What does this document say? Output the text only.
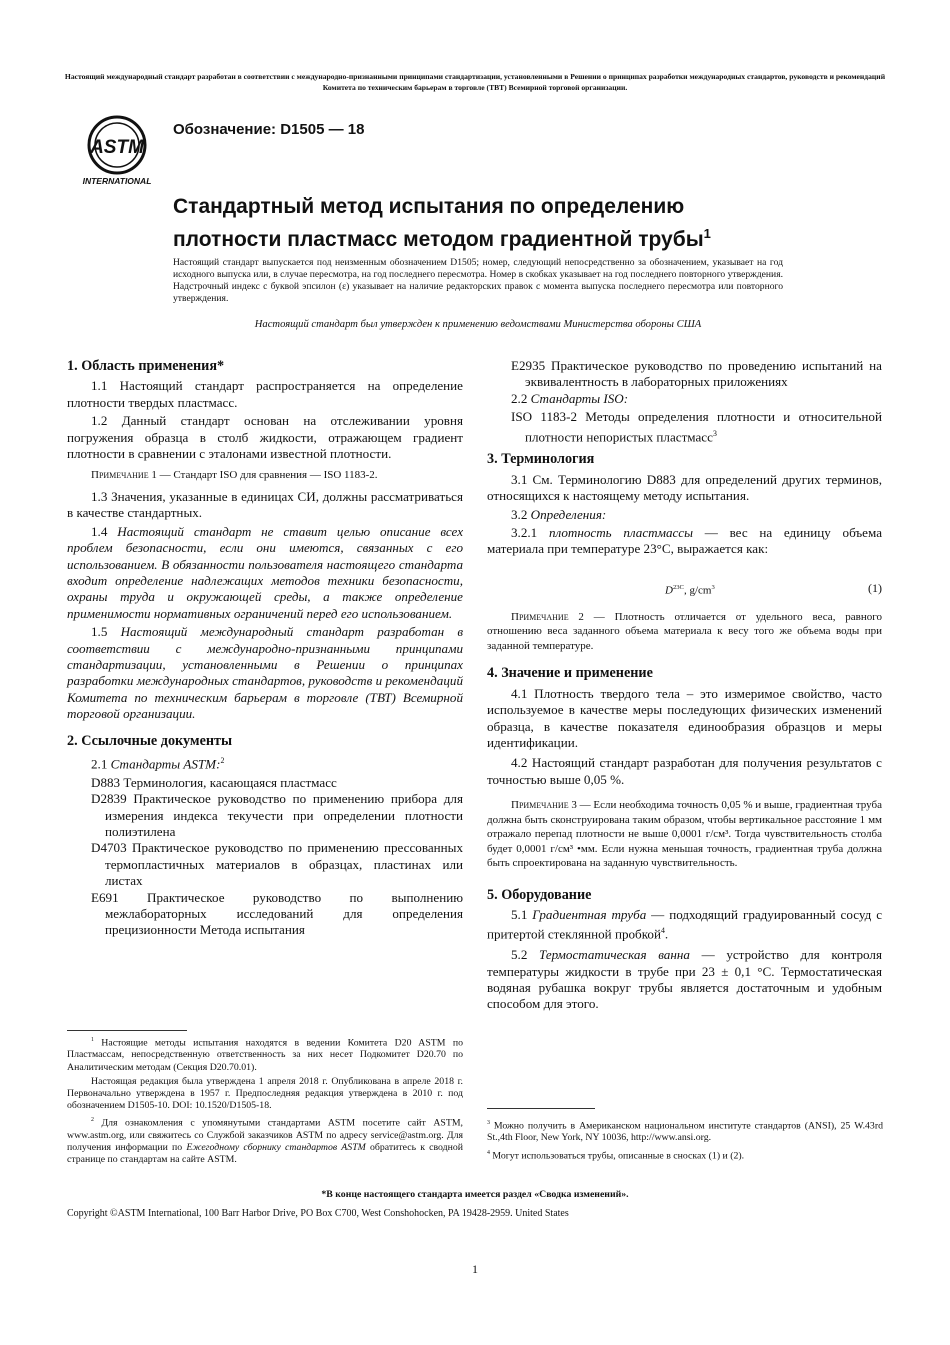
Настоящий международный стандарт разработан в соответствии с международно-признанными принципами стандартизации, установленными в Решении о принципах разработки международных стандартов, руководств и рекомендаций Комитета по техническим барьерам в торговле (ТВТ) Всемирной торговой организации.
ASTM
INTERNATIONAL
Обозначение: D1505 — 18
Стандартный метод испытания по определению плотности пластмасс методом градиентной трубы$^1$
Настоящий стандарт выпускается под неизменным обозначением D1505; номер, следующий непосредственно за обозначением, указывает на год исходного выпуска или, в случае пересмотра, на год последнего пересмотра. Номер в скобках указывает на год последнего повторного утверждения. Надстрочный индекс с буквой эпсилон (ε) указывает на наличие редакторских правок с момента выпуска последнего пересмотра или повторного утверждения.
Настоящий стандарт был утвержден к применению ведомствами Министерства обороны США
1. Область применения*

1.1 Настоящий стандарт распространяется на определение плотности твердых пластмасс.

1.2 Данный стандарт основан на отслеживании уровня погружения образца в столб жидкости, отражающем градиент плотности в сравнении с эталонами известной плотности.

Примечание 1 — Стандарт ISO для сравнения — ISO 1183-2.

1.3 Значения, указанные в единицах СИ, должны рассматриваться в качестве стандартных.

1.4 Настоящий стандарт не ставит целью описание всех проблем безопасности, если они имеются, связанных с его использованием. В обязанности пользователя настоящего стандарта входит определение надлежащих методов техники безопасности, охраны труда и окружающей среды, а также определение применимости нормативных ограничений перед его использованием.

1.5 Настоящий международный стандарт разработан в соответствии с международно-признанными принципами стандартизации, установленными в Решении о принципах разработки международных стандартов, руководств и рекомендаций Комитета по техническим барьерам в торговле (ТВТ) Всемирной торговой организации.

2. Ссылочные документы

2.1 Стандарты ASTM:$^2$

D883 Терминология, касающаяся пластмасс

D2839 Практическое руководство по применению прибора для измерения индекса текучести при определении плотности полиэтилена

D4703 Практическое руководство по применению прессованных термопластичных материалов в образцах, пластинах или листах

E691 Практическое руководство по выполнению межлабораторных исследований для определения прецизионности Метода испытания

$^1$ Настоящие методы испытания находятся в ведении Комитета D20 ASTM по Пластмассам, непосредственную ответственность за них несет Подкомитет D20.70 по Аналитическим методам (Секция D20.70.01).

Настоящая редакция была утверждена 1 апреля 2018 г. Опубликована в апреле 2018 г. Первоначально утверждена в 1957 г. Предпоследняя редакция утверждена в 2010 г. под обозначением D1505-10. DOI: 10.1520/D1505-18.

$^2$ Для ознакомления с упомянутыми стандартами ASTM посетите сайт ASTM, www.astm.org, или свяжитесь со Службой заказчиков ASTM по адресу service@astm.org. Для получения информации по Ежегодному сборнику стандартов ASTM обратитесь к сводной странице по стандартам на сайте ASTM.

E2935 Практическое руководство по проведению испытаний на эквивалентность в лабораторных приложениях

2.2 Стандарты ISO:

ISO 1183-2 Методы определения плотности и относительной плотности непористых пластмасс$^3$

3. Терминология

3.1 См. Терминологию D883 для определений других терминов, относящихся к настоящему методу испытания.

3.2 Определения:

3.2.1 плотность пластмассы — вес на единицу объема материала при температуре 23°C, выражается как:

$D^{23C}$, $g/cm^3$	(1)
Примечание 2 — Плотность отличается от удельного веса, равного отношению веса заданного объема материала к весу того же объема воды при заданной температуре.
4. Значение и применение

4.1 Плотность твердого тела – это измеримое свойство, часто используемое в качестве меры последующих физических изменений образца, в качестве показателя единообразия образцов и меры идентификации.

4.2 Настоящий стандарт разработан для получения результатов с точностью выше 0,05 %.

Примечание 3 — Если необходима точность 0,05 % и выше, градиентная труба должна быть сконструирована таким образом, чтобы вертикальное расстояние 1 мм отражало перепад плотности не выше 0,0001 г/см³. Тогда чувствительность столба будет 0,0001 г/см³ •мм. Если нужна меньшая точность, градиентная труба должна быть спроектирована на заданную чувствительность.
5. Оборудование

5.1 Градиентная труба — подходящий градуированный сосуд с притертой стеклянной пробкой$^4$.

5.2 Термостатическая ванна — устройство для контроля температуры жидкости в трубе при 23 ± 0,1 °C. Термостатическая водяная рубашка вокруг трубы является достаточным и удобным способом для этого.

$^3$ Можно получить в Американском национальном институте стандартов (ANSI), 25 W.43rd St.,4th Floor, New York, NY 10036, http://www.ansi.org.

$^4$ Могут использоваться трубы, описанные в сносках (1) и (2).

*В конце настоящего стандарта имеется раздел «Сводка изменений».
Copyright ©ASTM International, 100 Barr Harbor Drive, PO Box C700, West Conshohocken, PA 19428-2959. United States
1
